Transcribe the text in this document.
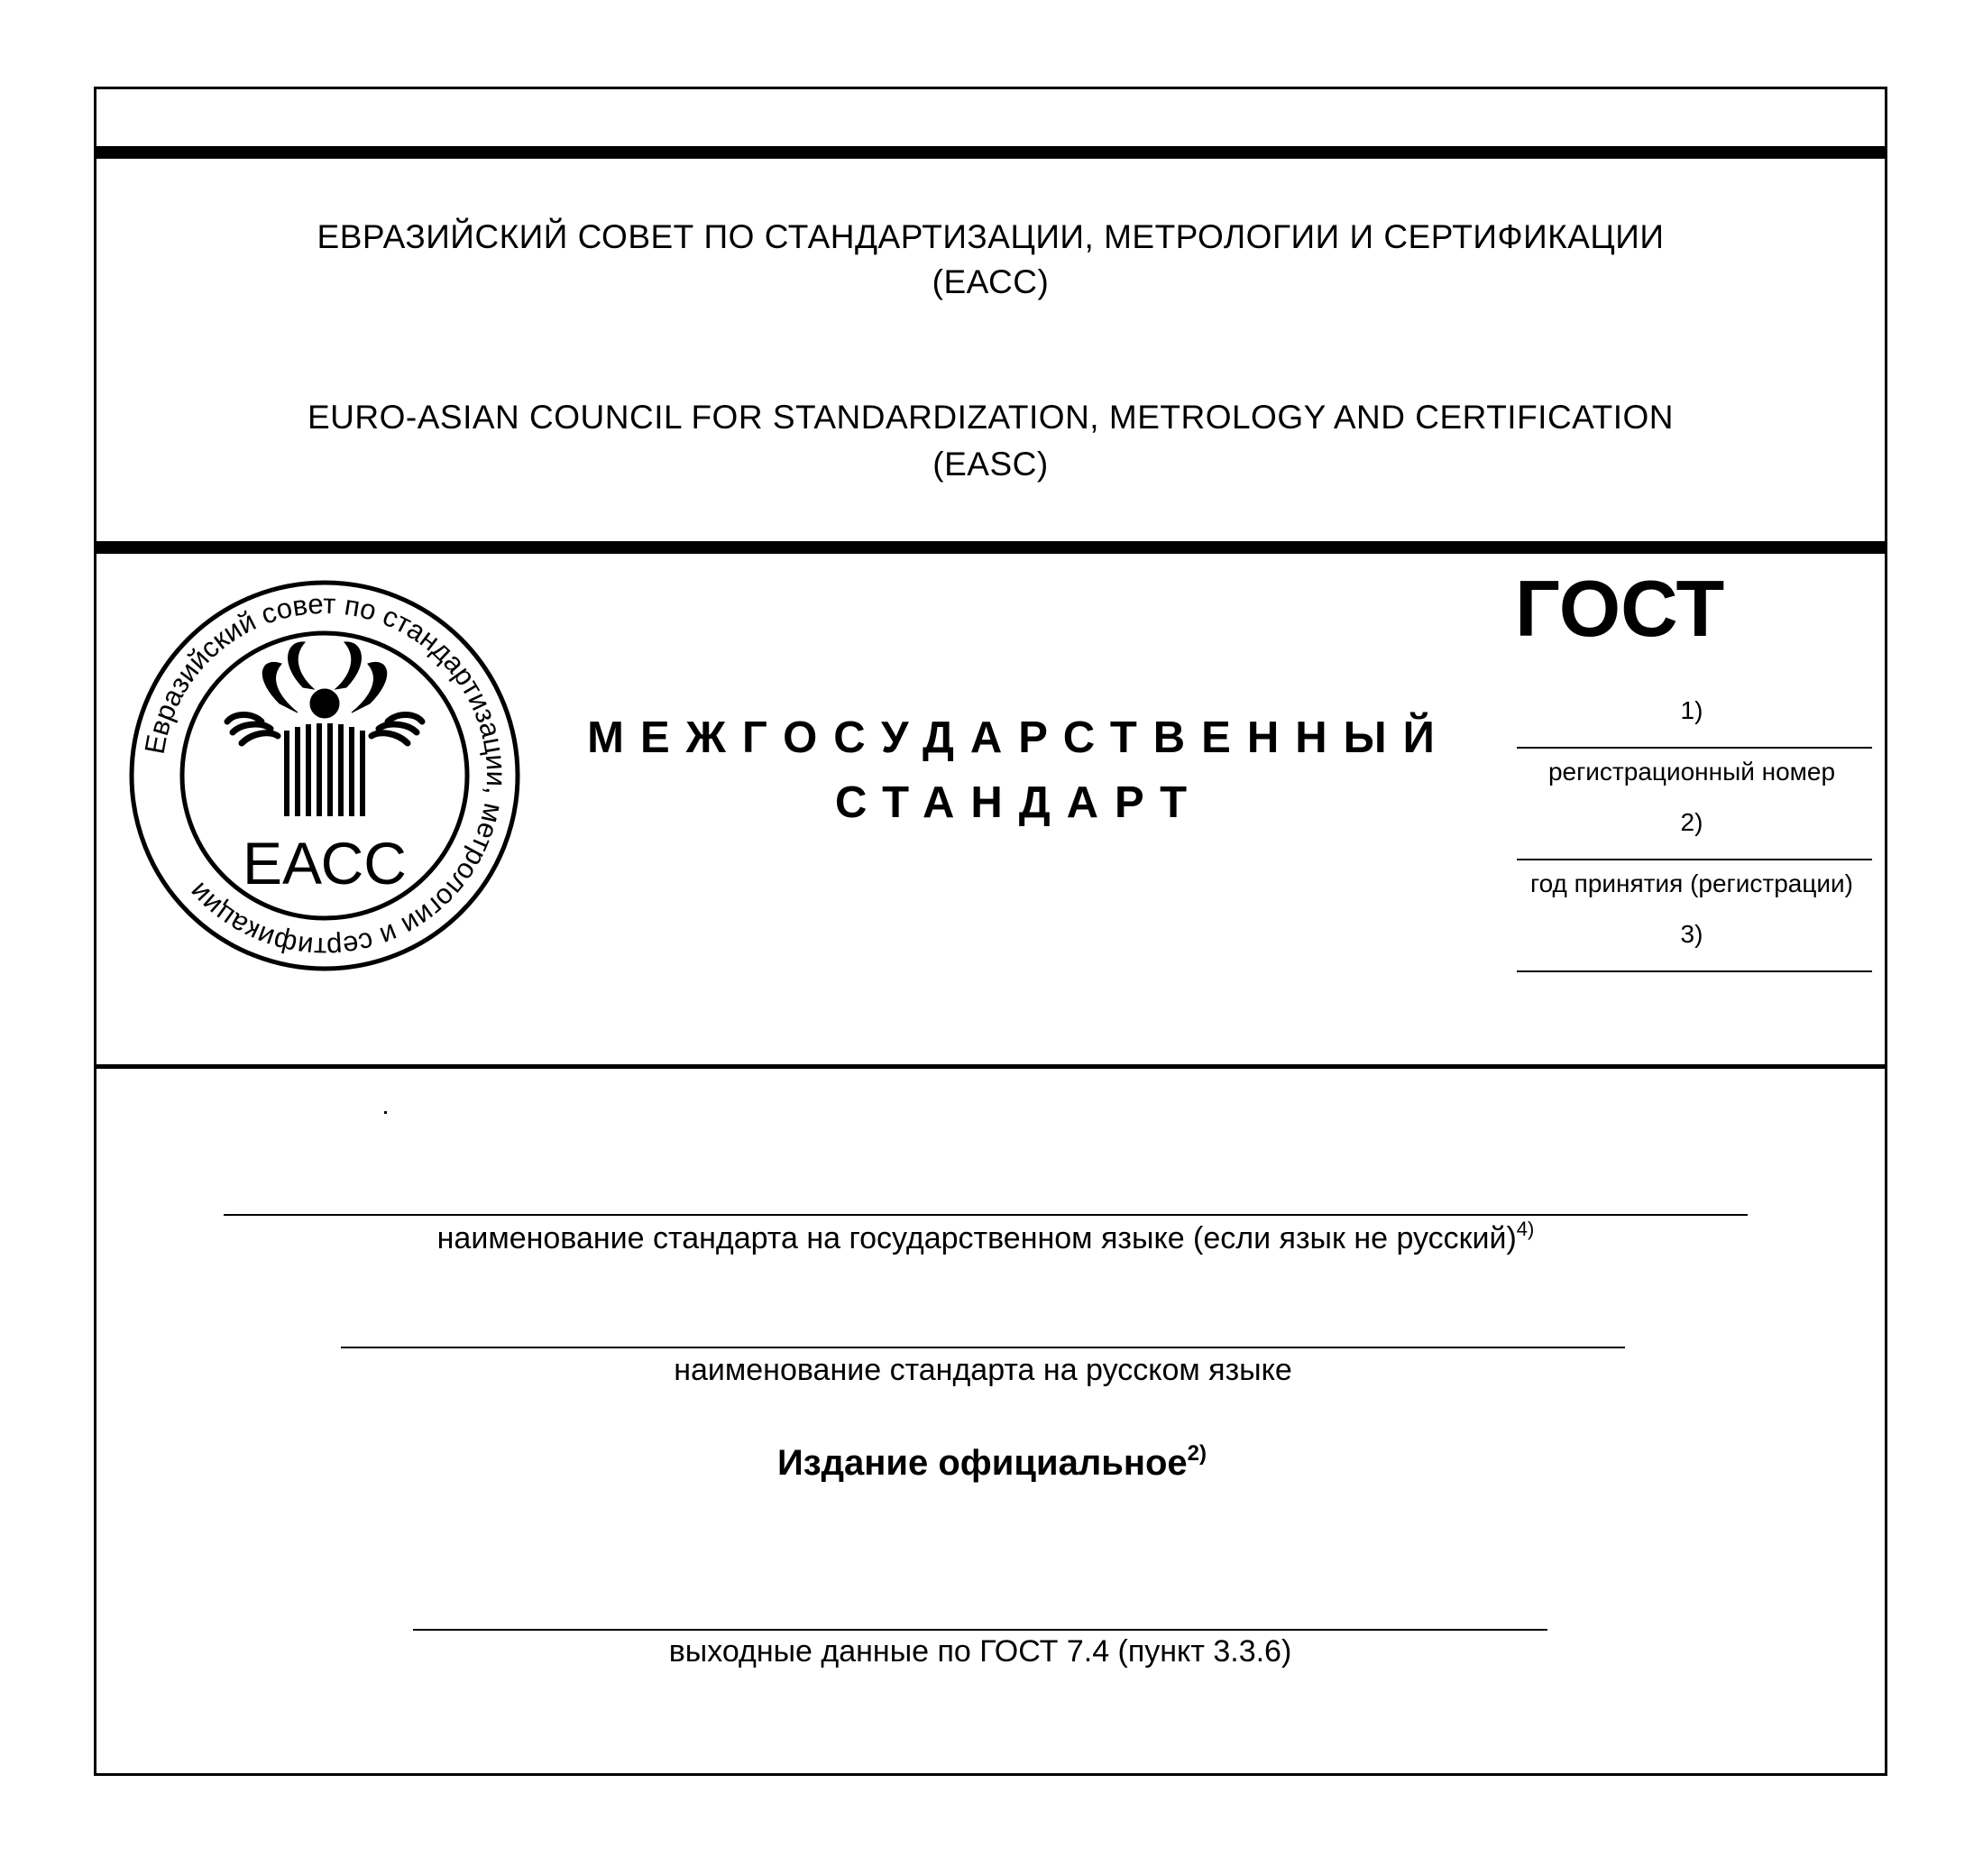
ЕВРАЗИЙСКИЙ СОВЕТ ПО СТАНДАРТИЗАЦИИ, МЕТРОЛОГИИ И СЕРТИФИКАЦИИ
(ЕАСС)
EURO-ASIAN COUNCIL FOR STANDARDIZATION, METROLOGY AND CERTIFICATION
(EASC)
Евразийский совет по стандартизации, метрологии и сертификации ЕАСС
МЕЖГОСУДАРСТВЕННЫЙ
СТАНДАРТ
ГОСТ
1)
регистрационный номер
2)
год принятия (регистрации)
3)
наименование стандарта на государственном языке (если язык не русский)$^{4)}$
наименование стандарта на русском языке
Издание официальное$^{2)}$
выходные данные по ГОСТ 7.4 (пункт 3.3.6)
